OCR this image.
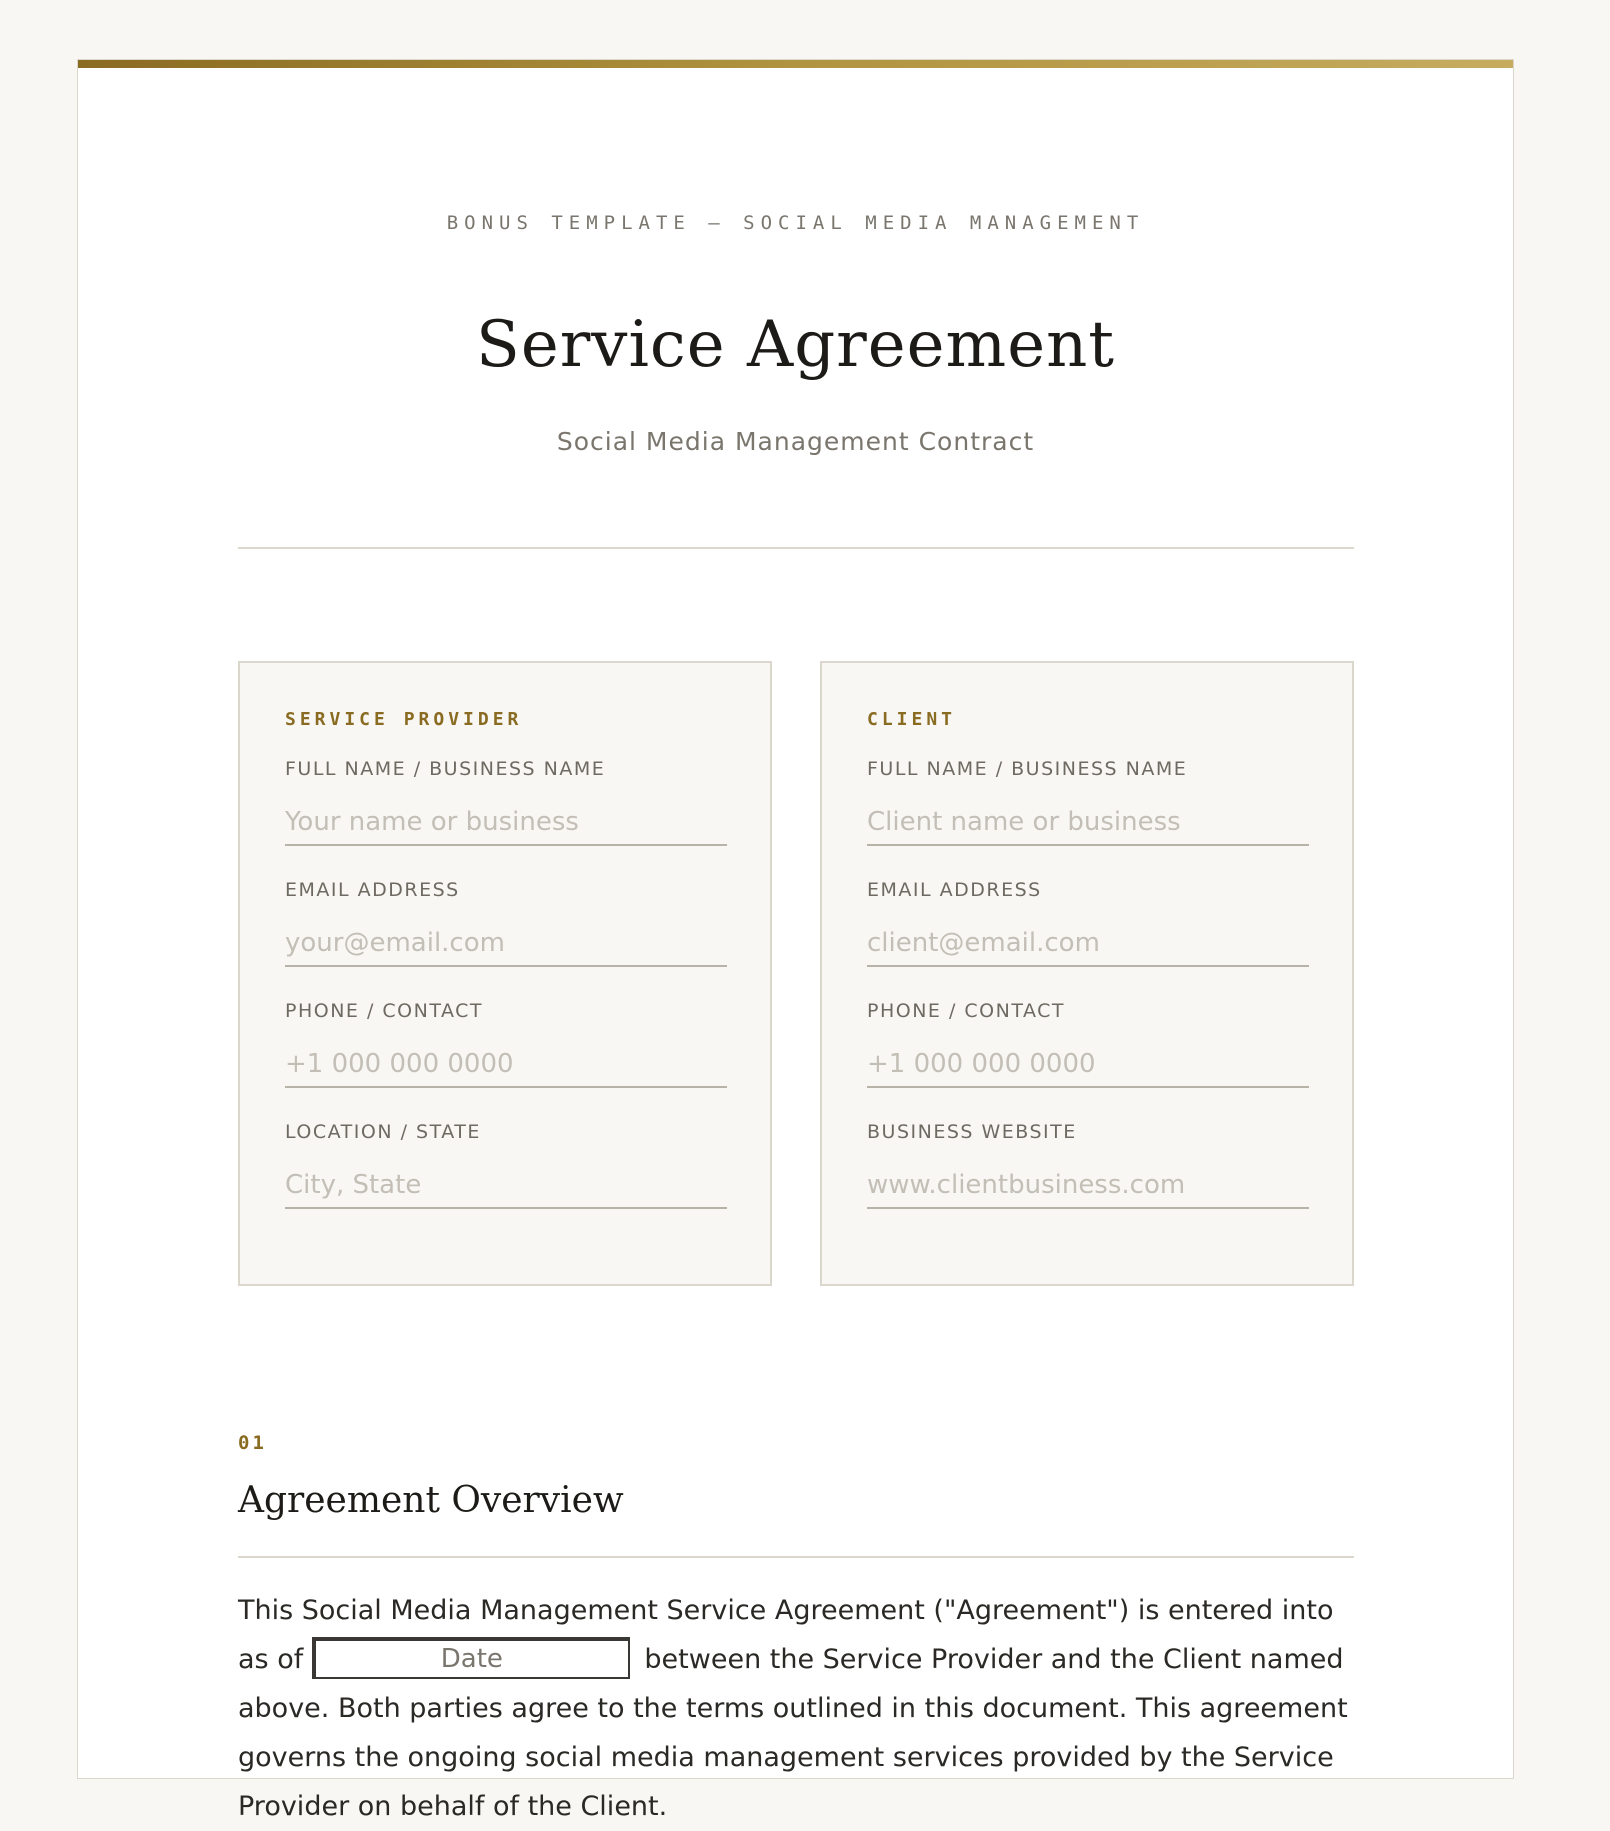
BONUS TEMPLATE — SOCIAL MEDIA MANAGEMENT
Service Agreement
Social Media Management Contract
SERVICE PROVIDER
FULL NAME / BUSINESS NAME
Your name or business
EMAIL ADDRESS
your@email.com
PHONE / CONTACT
+1 000 000 0000
LOCATION / STATE
City, State
CLIENT
FULL NAME / BUSINESS NAME
Client name or business
EMAIL ADDRESS
client@email.com
PHONE / CONTACT
+1 000 000 0000
BUSINESS WEBSITE
www.clientbusiness.com
01
Agreement Overview
This Social Media Management Service Agreement ("Agreement") is entered into as of Date	between the Service Provider and the Client named above. Both parties agree to the terms outlined in this document. This agreement governs the ongoing social media management services provided by the Service Provider on behalf of the Client.
